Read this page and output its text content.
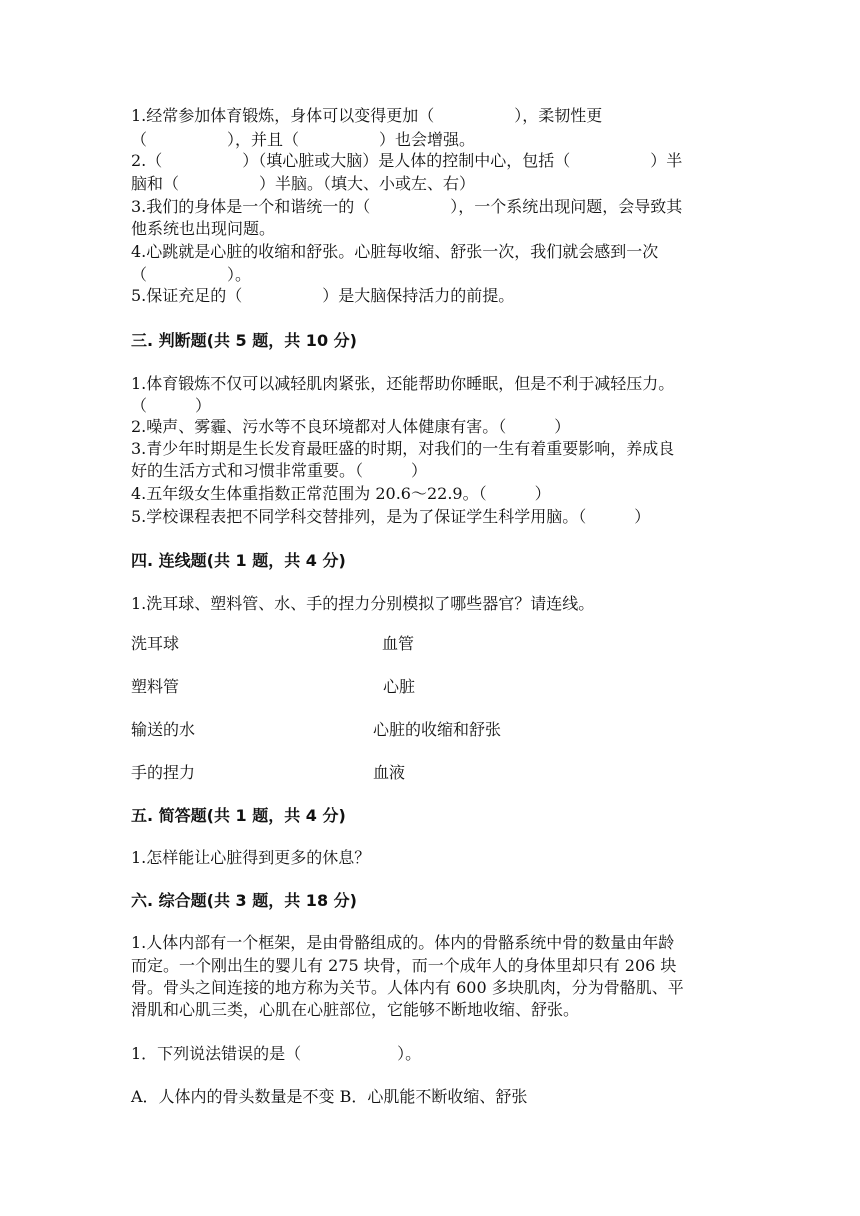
1.经常参加体育锻炼，身体可以变得更加（　　　　　），柔韧性更
（　　　　　），并且（　　　　　）也会增强。
2.（　　　　　）（填心脏或大脑）是人体的控制中心，包括（　　　　　）半
脑和（　　　　　）半脑。（填大、小或左、右）
3.我们的身体是一个和谐统一的（　　　　　），一个系统出现问题，会导致其
他系统也出现问题。
4.心跳就是心脏的收缩和舒张。心脏每收缩、舒张一次，我们就会感到一次
（　　　　　）。
5.保证充足的（　　　　　）是大脑保持活力的前提。
三. 判断题(共 5 题，共 10 分)
1.体育锻炼不仅可以减轻肌肉紧张，还能帮助你睡眠，但是不利于减轻压力。
（　　　）
2.噪声、雾霾、污水等不良环境都对人体健康有害。（　　　）
3.青少年时期是生长发育最旺盛的时期，对我们的一生有着重要影响，养成良
好的生活方式和习惯非常重要。（　　　）
4.五年级女生体重指数正常范围为 20.6～22.9。（　　　）
5.学校课程表把不同学科交替排列，是为了保证学生科学用脑。（　　　）
四. 连线题(共 1 题，共 4 分)
1.洗耳球、塑料管、水、手的捏力分别模拟了哪些器官？请连线。
洗耳球	血管
塑料管	心脏
输送的水	心脏的收缩和舒张
手的捏力	血液
五. 简答题(共 1 题，共 4 分)
1.怎样能让心脏得到更多的休息？
六. 综合题(共 3 题，共 18 分)
1.人体内部有一个框架，是由骨骼组成的。体内的骨骼系统中骨的数量由年龄
而定。一个刚出生的婴儿有 275 块骨，而一个成年人的身体里却只有 206 块
骨。骨头之间连接的地方称为关节。人体内有 600 多块肌肉，分为骨骼肌、平
滑肌和心肌三类，心肌在心脏部位，它能够不断地收缩、舒张。
1．下列说法错误的是（　　　　　　）。
A．人体内的骨头数量是不变 B．心肌能不断收缩、舒张
